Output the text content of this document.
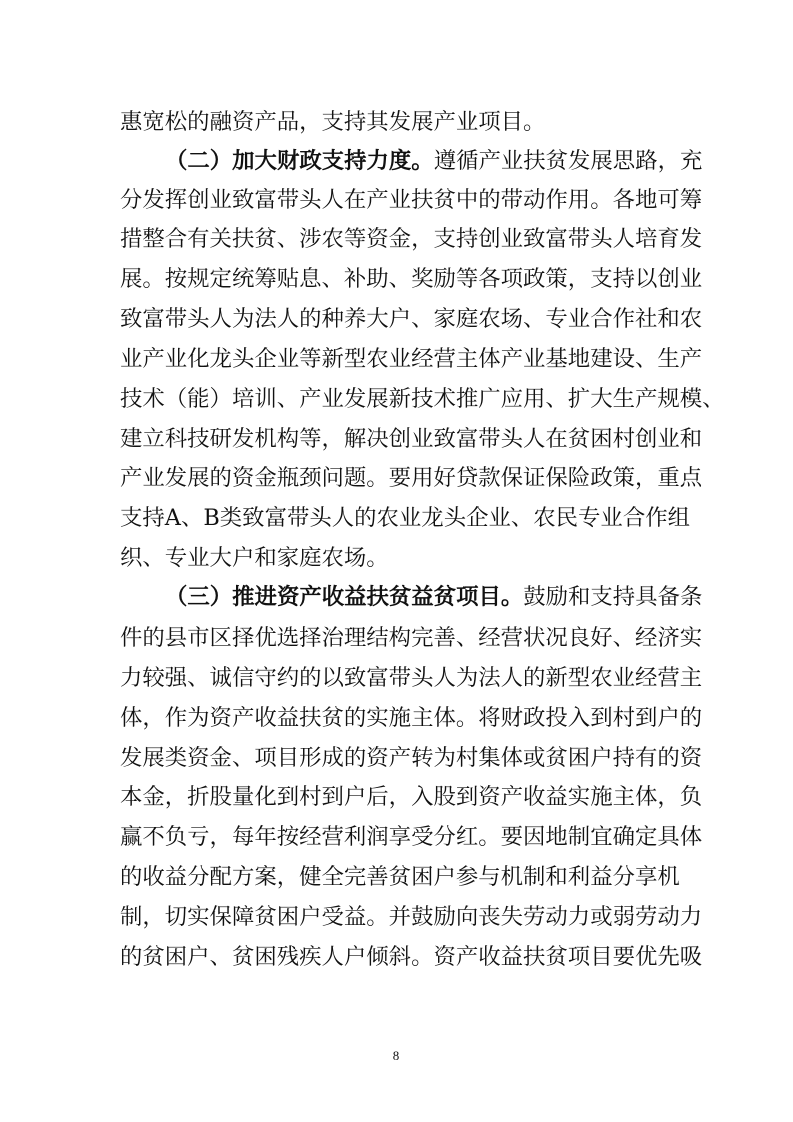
惠宽松的融资产品，支持其发展产业项目。
（二）加大财政支持力度。遵循产业扶贫发展思路，充
分发挥创业致富带头人在产业扶贫中的带动作用。各地可筹
措整合有关扶贫、涉农等资金，支持创业致富带头人培育发
展。按规定统筹贴息、补助、奖励等各项政策，支持以创业
致富带头人为法人的种养大户、家庭农场、专业合作社和农
业产业化龙头企业等新型农业经营主体产业基地建设、生产
技术（能）培训、产业发展新技术推广应用、扩大生产规模、
建立科技研发机构等，解决创业致富带头人在贫困村创业和
产业发展的资金瓶颈问题。要用好贷款保证保险政策，重点
支持A、B类致富带头人的农业龙头企业、农民专业合作组
织、专业大户和家庭农场。
（三）推进资产收益扶贫益贫项目。鼓励和支持具备条
件的县市区择优选择治理结构完善、经营状况良好、经济实
力较强、诚信守约的以致富带头人为法人的新型农业经营主
体，作为资产收益扶贫的实施主体。将财政投入到村到户的
发展类资金、项目形成的资产转为村集体或贫困户持有的资
本金，折股量化到村到户后，入股到资产收益实施主体，负
赢不负亏，每年按经营利润享受分红。要因地制宜确定具体
的收益分配方案，健全完善贫困户参与机制和利益分享机
制，切实保障贫困户受益。并鼓励向丧失劳动力或弱劳动力
的贫困户、贫困残疾人户倾斜。资产收益扶贫项目要优先吸
8
